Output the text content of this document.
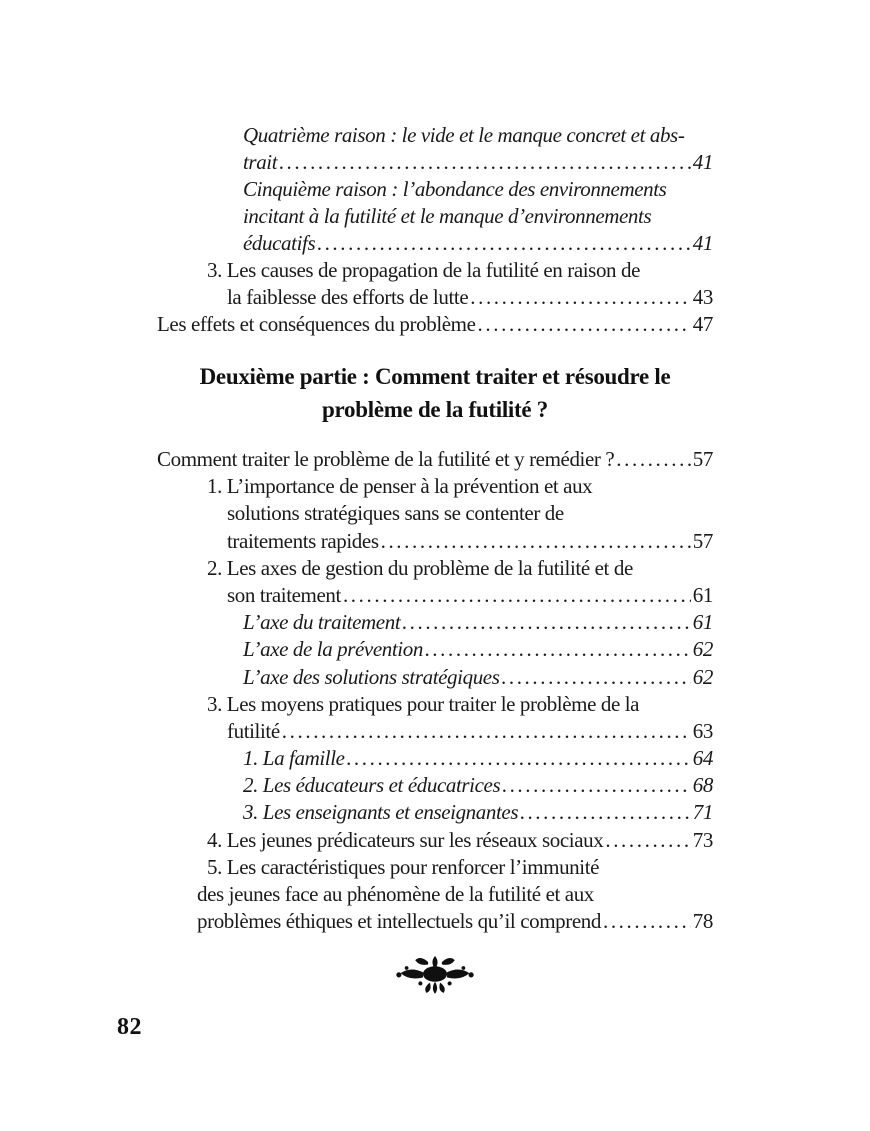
Quatrième raison : le vide et le manque concret et abs-
trait .....	41
Cinquième raison : l’abondance des environnements
incitant à la futilité et le manque d’environnements
éducatifs .....	41
3. Les causes de propagation de la futilité en raison de
la faiblesse des efforts de lutte .....	43
Les effets et conséquences du problème .....	47
Deuxième partie : Comment traiter et résoudre le
problème de la futilité ?
Comment traiter le problème de la futilité et y remédier ? .....	57
1. L’importance de penser à la prévention et aux
solutions stratégiques sans se contenter de
traitements rapides .....	57
2. Les axes de gestion du problème de la futilité et de
son traitement .....	61
L’axe du traitement .....	61
L’axe de la prévention .....	62
L’axe des solutions stratégiques .....	62
3. Les moyens pratiques pour traiter le problème de la
futilité .....	63
1. La famille .....	64
2. Les éducateurs et éducatrices .....	68
3. Les enseignants et enseignantes .....	71
4. Les jeunes prédicateurs sur les réseaux sociaux .....	73
5. Les caractéristiques pour renforcer l’immunité
des jeunes face au phénomène de la futilité et aux
problèmes éthiques et intellectuels qu’il comprend .....	78
82
